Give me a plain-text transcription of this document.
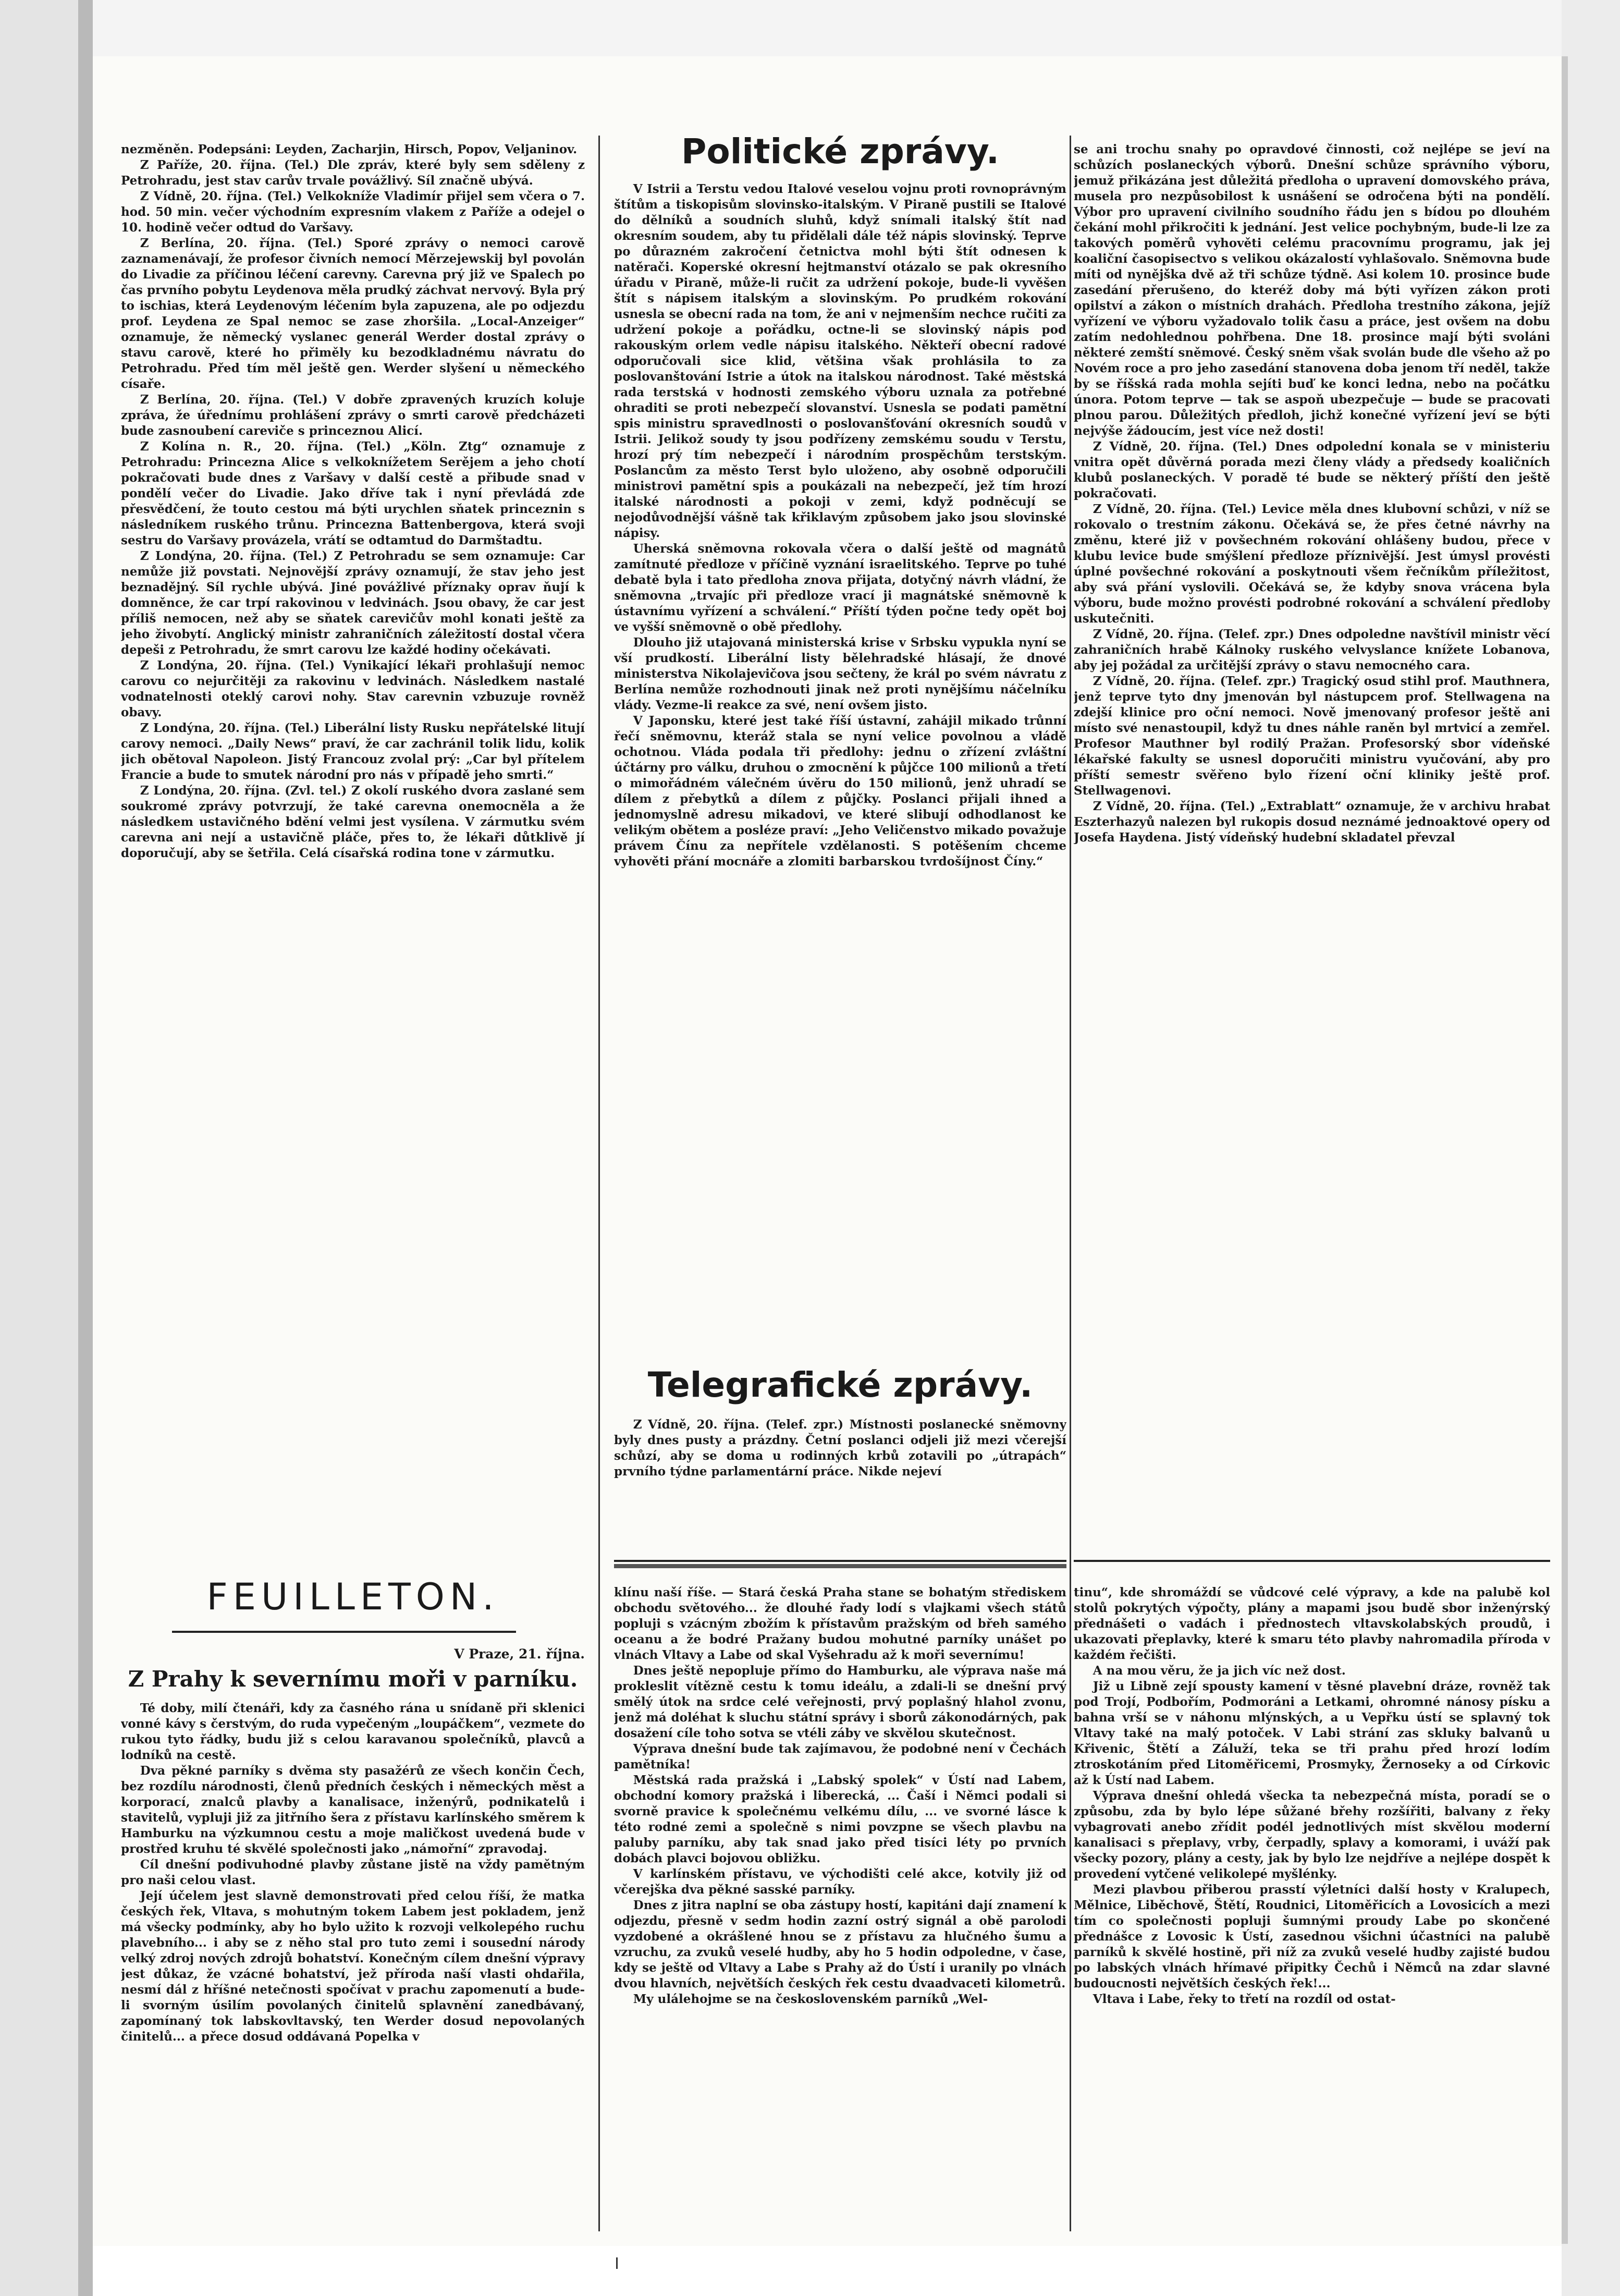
nezměněn. Podepsáni: Leyden, Zacharjin, Hirsch, Popov, Veljaninov.

Z Paříže, 20. října. (Tel.) Dle zpráv, které byly sem sděleny z Petrohradu, jest stav carův trvale povážlivý. Síl značně ubývá.

Z Vídně, 20. října. (Tel.) Velkokníže Vladimír přijel sem včera o 7. hod. 50 min. večer východním expresním vlakem z Paříže a odejel o 10. hodině večer odtud do Varšavy.

Z Berlína, 20. října. (Tel.) Sporé zprávy o nemoci carově zaznamenávají, že profesor čivních nemocí Měrzejewskij byl povolán do Livadie za příčinou léčení carevny. Carevna prý již ve Spalech po čas prvního pobytu Leydenova měla prudký záchvat nervový. Byla prý to ischias, která Leydenovým léčením byla zapuzena, ale po odjezdu prof. Leydena ze Spal nemoc se zase zhoršila. „Local-Anzeiger“ oznamuje, že německý vyslanec generál Werder dostal zprávy o stavu carově, které ho přiměly ku bezodkladnému návratu do Petrohradu. Před tím měl ještě gen. Werder slyšení u německého císaře.

Z Berlína, 20. října. (Tel.) V dobře zpravených kruzích koluje zpráva, že úřednímu prohlášení zprávy o smrti carově předcházeti bude zasnoubení careviče s princeznou Alicí.

Z Kolína n. R., 20. října. (Tel.) „Köln. Ztg“ oznamuje z Petrohradu: Princezna Alice s velkoknížetem Serějem a jeho chotí pokračovati bude dnes z Varšavy v další cestě a přibude snad v pondělí večer do Livadie. Jako dříve tak i nyní převládá zde přesvědčení, že touto cestou má býti urychlen sňatek princeznin s následníkem ruského trůnu. Princezna Battenbergova, která svoji sestru do Varšavy provázela, vrátí se odtamtud do Darmštadtu.

Z Londýna, 20. října. (Tel.) Z Petrohradu se sem oznamuje: Car nemůže již povstati. Nejnovější zprávy oznamují, že stav jeho jest beznadějný. Síl rychle ubývá. Jiné povážlivé příznaky oprav ňují k domněnce, že car trpí rakovinou v ledvinách. Jsou obavy, že car jest příliš nemocen, než aby se sňatek carevičův mohl konati ještě za jeho živobytí. Anglický ministr zahraničních záležitostí dostal včera depeši z Petrohradu, že smrt carovu lze každé hodiny očekávati.

Z Londýna, 20. října. (Tel.) Vynikající lékaři prohlašují nemoc carovu co nejurčitěji za rakovinu v ledvinách. Následkem nastalé vodnatelnosti oteklý carovi nohy. Stav carevnin vzbuzuje rovněž obavy.

Z Londýna, 20. října. (Tel.) Liberální listy Rusku nepřátelské litují carovy nemoci. „Daily News“ praví, že car zachránil tolik lidu, kolik jich obětoval Napoleon. Jistý Francouz zvolal prý: „Car byl přítelem Francie a bude to smutek národní pro nás v případě jeho smrti.“

Z Londýna, 20. října. (Zvl. tel.) Z okolí ruského dvora zaslané sem soukromé zprávy potvrzují, že také carevna onemocněla a že následkem ustavičného bdění velmi jest vysílena. V zármutku svém carevna ani nejí a ustavičně pláče, přes to, že lékaři důtklivě jí doporučují, aby se šetřila. Celá císařská rodina tone v zármutku.

Politické zprávy.

V Istrii a Terstu vedou Italové veselou vojnu proti rovnoprávným štítům a tiskopisům slovinsko-italským. V Piraně pustili se Italové do dělníků a soudních sluhů, když snímali italský štít nad okresním soudem, aby tu přidělali dále též nápis slovinský. Teprve po důrazném zakročení četnictva mohl býti štít odnesen k natěrači. Koperské okresní hejtmanství otázalo se pak okresního úřadu v Piraně, může-li ručit za udržení pokoje, bude-li vyvěšen štít s nápisem italským a slovinským. Po prudkém rokování usnesla se obecní rada na tom, že ani v nejmenším nechce ručiti za udržení pokoje a pořádku, octne-li se slovinský nápis pod rakouským orlem vedle nápisu italského. Někteří obecní radové odporučovali sice klid, většina však prohlásila to za poslovanštování Istrie a útok na italskou národnost. Také městská rada terstská v hodnosti zemského výboru uznala za potřebné ohraditi se proti nebezpečí slovanství. Usnesla se podati pamětní spis ministru spravedlnosti o poslovanšťování okresních soudů v Istrii. Jelikož soudy ty jsou podřízeny zemskému soudu v Terstu, hrozí prý tím nebezpečí i národním prospěchům terstským. Poslancům za město Terst bylo uloženo, aby osobně odporučili ministrovi pamětní spis a poukázali na nebezpečí, jež tím hrozí italské národnosti a pokoji v zemi, když podněcují se nejodůvodnější vášně tak křiklavým způsobem jako jsou slovinské nápisy.

Uherská sněmovna rokovala včera o další ještě od magnátů zamítnuté předloze v příčině vyznání israelitského. Teprve po tuhé debatě byla i tato předloha znova přijata, dotyčný návrh vládní, že sněmovna „trvajíc při předloze vrací ji magnátské sněmovně k ústavnímu vyřízení a schválení.“ Příští týden počne tedy opět boj ve vyšší sněmovně o obě předlohy.

Dlouho již utajovaná ministerská krise v Srbsku vypukla nyní se vší prudkostí. Liberální listy bělehradské hlásají, že dnové ministerstva Nikolajevičova jsou sečteny, že král po svém návratu z Berlína nemůže rozhodnouti jinak než proti nynějšímu náčelníku vlády. Vezme-li reakce za své, není ovšem jisto.

V Japonsku, které jest také říší ústavní, zahájil mikado trůnní řečí sněmovnu, kteráž stala se nyní velice povolnou a vládě ochotnou. Vláda podala tři předlohy: jednu o zřízení zvláštní účtárny pro válku, druhou o zmocnění k půjčce 100 milionů a třetí o mimořádném válečném úvěru do 150 milionů, jenž uhradí se dílem z přebytků a dílem z půjčky. Poslanci přijali ihned a jednomyslně adresu mikadovi, ve které slibují odhodlanost ke velikým obětem a posléze praví: „Jeho Veličenstvo mikado považuje právem Čínu za nepřítele vzdělanosti. S potěšením chceme vyhověti přání mocnáře a zlomiti barbarskou tvrdošíjnost Číny.“

Telegrafické zprávy.

Z Vídně, 20. října. (Telef. zpr.) Místnosti poslanecké sněmovny byly dnes pusty a prázdny. Četní poslanci odjeli již mezi včerejší schůzí, aby se doma u rodinných krbů zotavili po „útrapách“ prvního týdne parlamentární práce. Nikde nejeví

se ani trochu snahy po opravdové činnosti, což nejlépe se jeví na schůzích poslaneckých výborů. Dnešní schůze správního výboru, jemuž přikázána jest důležitá předloha o upravení domovského práva, musela pro nezpůsobilost k usnášení se odročena býti na pondělí. Výbor pro upravení civilního soudního řádu jen s bídou po dlouhém čekání mohl přikročiti k jednání. Jest velice pochybným, bude-li lze za takových poměrů vyhověti celému pracovnímu programu, jak jej koaliční časopisectvo s velikou okázalostí vyhlašovalo. Sněmovna bude míti od nynějška dvě až tři schůze týdně. Asi kolem 10. prosince bude zasedání přerušeno, do kteréž doby má býti vyřízen zákon proti opilství a zákon o místních drahách. Předloha trestního zákona, jejíž vyřízení ve výboru vyžadovalo tolik času a práce, jest ovšem na dobu zatím nedohlednou pohřbena. Dne 18. prosince mají býti svoláni některé zemští sněmové. Český sněm však svolán bude dle všeho až po Novém roce a pro jeho zasedání stanovena doba jenom tří neděl, takže by se říšská rada mohla sejíti buď ke konci ledna, nebo na počátku února. Potom teprve — tak se aspoň ubezpečuje — bude se pracovati plnou parou. Důležitých předloh, jichž konečné vyřízení jeví se býti nejvýše žádoucím, jest více než dosti!

Z Vídně, 20. října. (Tel.) Dnes odpolední konala se v ministeriu vnitra opět důvěrná porada mezi členy vlády a předsedy koaličních klubů poslaneckých. V poradě té bude se některý příští den ještě pokračovati.

Z Vídně, 20. října. (Tel.) Levice měla dnes klubovní schůzi, v níž se rokovalo o trestním zákonu. Očekává se, že přes četné návrhy na změnu, které již v povšechném rokování ohlášeny budou, přece v klubu levice bude smýšlení předloze příznivější. Jest úmysl provésti úplné povšechné rokování a poskytnouti všem řečníkům příležitost, aby svá přání vyslovili. Očekává se, že kdyby snova vrácena byla výboru, bude možno provésti podrobné rokování a schválení předloby uskutečniti.

Z Vídně, 20. října. (Telef. zpr.) Dnes odpoledne navštívil ministr věcí zahraničních hrabě Kálnoky ruského velvyslance knížete Lobanova, aby jej požádal za určitější zprávy o stavu nemocného cara.

Z Vídně, 20. října. (Telef. zpr.) Tragický osud stihl prof. Mauthnera, jenž teprve tyto dny jmenován byl nástupcem prof. Stellwagena na zdejší klinice pro oční nemoci. Nově jmenovaný profesor ještě ani místo své nenastoupil, když tu dnes náhle raněn byl mrtvicí a zemřel. Profesor Mauthner byl rodilý Pražan. Profesorský sbor vídeňské lékařské fakulty se usnesl doporučiti ministru vyučování, aby pro příští semestr svěřeno bylo řízení oční kliniky ještě prof. Stellwagenovi.

Z Vídně, 20. října. (Tel.) „Extrablatt“ oznamuje, že v archivu hrabat Eszterhazyů nalezen byl rukopis dosud neznámé jednoaktové opery od Josefa Haydena. Jistý vídeňský hudební skladatel převzal

FEUILLETON.
V Praze, 21. října.
Z Prahy k severnímu moři v parníku.

Té doby, milí čtenáři, kdy za časného rána u snídaně při sklenici vonné kávy s čerstvým, do ruda vypečeným „loupáčkem“, vezmete do rukou tyto řádky, budu již s celou karavanou společníků, plavců a lodníků na cestě.

Dva pěkné parníky s dvěma sty pasažérů ze všech končin Čech, bez rozdílu národnosti, členů předních českých i německých měst a korporací, znalců plavby a kanalisace, inženýrů, podnikatelů i stavitelů, vypluji již za jitřního šera z přístavu karlínského směrem k Hamburku na výzkumnou cestu a moje maličkost uvedená bude v prostřed kruhu té skvělé společnosti jako „námořní“ zpravodaj.

Cíl dnešní podivuhodné plavby zůstane jistě na vždy pamětným pro naši celou vlast.

Její účelem jest slavně demonstrovati před celou říší, že matka českých řek, Vltava, s mohutným tokem Labem jest pokladem, jenž má všecky podmínky, aby ho bylo užito k rozvoji velkolepého ruchu plavebního... i aby se z něho stal pro tuto zemi i sousední národy velký zdroj nových zdrojů bohatství. Konečným cílem dnešní výpravy jest důkaz, že vzácné bohatství, jež příroda naší vlasti ohdařila, nesmí dál z hříšné netečnosti spočívat v prachu zapomenutí a bude-li svorným úsilím povolaných činitelů splavnění zanedbávaný, zapomínaný tok labskovltavský, ten Werder dosud nepovolaných činitelů... a přece dosud oddávaná Popelka v

klínu naší říše. — Stará česká Praha stane se bohatým střediskem obchodu světového... že dlouhé řady lodí s vlajkami všech států popluji s vzácným zbožím k přístavům pražským od břeh samého oceanu a že bodré Pražany budou mohutné parníky unášet po vlnách Vltavy a Labe od skal Vyšehradu až k moři severnímu!

Dnes ještě nepopluje přímo do Hamburku, ale výprava naše má prokleslit vítězně cestu k tomu ideálu, a zdali-li se dnešní prvý smělý útok na srdce celé veřejnosti, prvý poplašný hlahol zvonu, jenž má doléhat k sluchu státní správy i sborů zákonodárných, pak dosažení cíle toho sotva se vtéli záby ve skvělou skutečnost.

Výprava dnešní bude tak zajímavou, že podobné není v Čechách pamětníka!

Městská rada pražská i „Labský spolek“ v Ústí nad Labem, obchodní komory pražská i liberecká, ... Čaší i Němci podali si svorně pravice k společnému velkému dílu, ... ve svorné lásce k této rodné zemi a společně s nimi povzpne se všech plavbu na paluby parníku, aby tak snad jako před tisíci léty po prvních dobách plavci bojovou obližku.

V karlínském přístavu, ve východišti celé akce, kotvily již od včerejška dva pěkné sasské parníky.

Dnes z jitra naplní se oba zástupy hostí, kapitáni dají znamení k odjezdu, přesně v sedm hodin zazní ostrý signál a obě parolodi vyzdobené a okrášlené hnou se z přístavu za hlučného šumu a vzruchu, za zvuků veselé hudby, aby ho 5 hodin odpoledne, v čase, kdy se ještě od Vltavy a Labe s Prahy až do Ústí i uranily po vlnách dvou hlavních, největších českých řek cestu dvaadvaceti kilometrů.

My ulálehojme se na československém parníků „Wel-

tinu“, kde shromáždí se vůdcové celé výpravy, a kde na palubě kol stolů pokrytých výpočty, plány a mapami jsou budě sbor inženýrský přednášeti o vadách i přednostech vltavskolabských proudů, i ukazovati přeplavky, které k smaru této plavby nahromadila příroda v každém řečišti.

A na mou věru, že ja jich víc než dost.

Již u Libně zejí spousty kamení v těsné plavební dráze, rovněž tak pod Trojí, Podbořím, Podmoráni a Letkami, ohromné nánosy písku a bahna vrší se v náhonu mlýnských, a u Vepřku ústí se splavný tok Vltavy také na malý potoček. V Labi strání zas skluky balvanů u Křivenic, Štětí a Záluží, teka se tři prahu před hrozí lodím ztroskotáním před Litoměřicemi, Prosmyky, Žernoseky a od Církovic až k Ústí nad Labem.

Výprava dnešní ohledá všecka ta nebezpečná místa, poradí se o způsobu, zda by bylo lépe sůžané břehy rozšířiti, balvany z řeky vybagrovati anebo zřídit podél jednotlivých míst skvělou moderní kanalisaci s přeplavy, vrby, čerpadly, splavy a komorami, i uváží pak všecky pozory, plány a cesty, jak by bylo lze nejdříve a nejlépe dospět k provedení vytčené velikolepé myšlénky.

Mezi plavbou přiberou prasstí výletníci další hosty v Kralupech, Mělnice, Liběchově, Štětí, Roudnici, Litoměřicích a Lovosicích a mezi tím co společnosti popluji šumnými proudy Labe po skončené přednášce z Lovosic k Ústí, zasednou všichni účastníci na palubě parníků k skvělé hostině, při níž za zvuků veselé hudby zajisté budou po labských vlnách hřímavé připitky Čechů i Němců na zdar slavné budoucnosti největších českých řek!...

Vltava i Labe, řeky to třetí na rozdíl od ostat-
